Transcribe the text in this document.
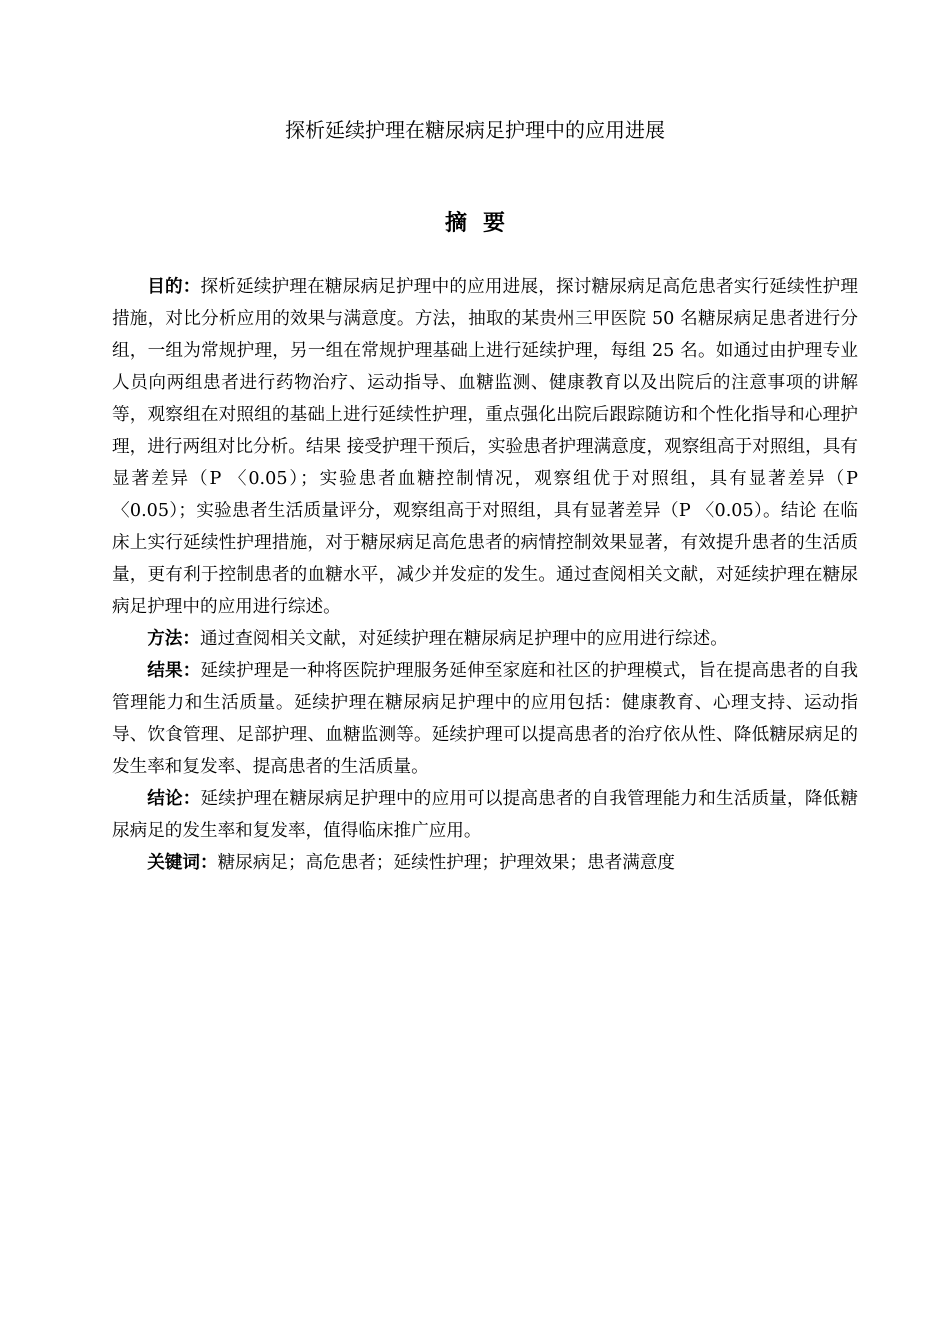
探析延续护理在糖尿病足护理中的应用进展
摘要

目的：探析延续护理在糖尿病足护理中的应用进展，探讨糖尿病足高危患者实行延续性护理措施，对比分析应用的效果与满意度。方法，抽取的某贵州三甲医院 50 名糖尿病足患者进行分组，一组为常规护理，另一组在常规护理基础上进行延续护理，每组 25 名。如通过由护理专业人员向两组患者进行药物治疗、运动指导、血糖监测、健康教育以及出院后的注意事项的讲解等，观察组在对照组的基础上进行延续性护理，重点强化出院后跟踪随访和个性化指导和心理护理，进行两组对比分析。结果 接受护理干预后，实验患者护理满意度，观察组高于对照组，具有显著差异（P 〈0.05）；实验患者血糖控制情况，观察组优于对照组，具有显著差异（P 〈0.05）；实验患者生活质量评分，观察组高于对照组，具有显著差异（P 〈0.05）。结论 在临床上实行延续性护理措施，对于糖尿病足高危患者的病情控制效果显著，有效提升患者的生活质量，更有利于控制患者的血糖水平，减少并发症的发生。通过查阅相关文献，对延续护理在糖尿病足护理中的应用进行综述。

方法：通过查阅相关文献，对延续护理在糖尿病足护理中的应用进行综述。

结果：延续护理是一种将医院护理服务延伸至家庭和社区的护理模式，旨在提高患者的自我管理能力和生活质量。延续护理在糖尿病足护理中的应用包括：健康教育、心理支持、运动指导、饮食管理、足部护理、血糖监测等。延续护理可以提高患者的治疗依从性、降低糖尿病足的发生率和复发率、提高患者的生活质量。

结论：延续护理在糖尿病足护理中的应用可以提高患者的自我管理能力和生活质量，降低糖尿病足的发生率和复发率，值得临床推广应用。

关键词：糖尿病足；高危患者；延续性护理；护理效果；患者满意度
